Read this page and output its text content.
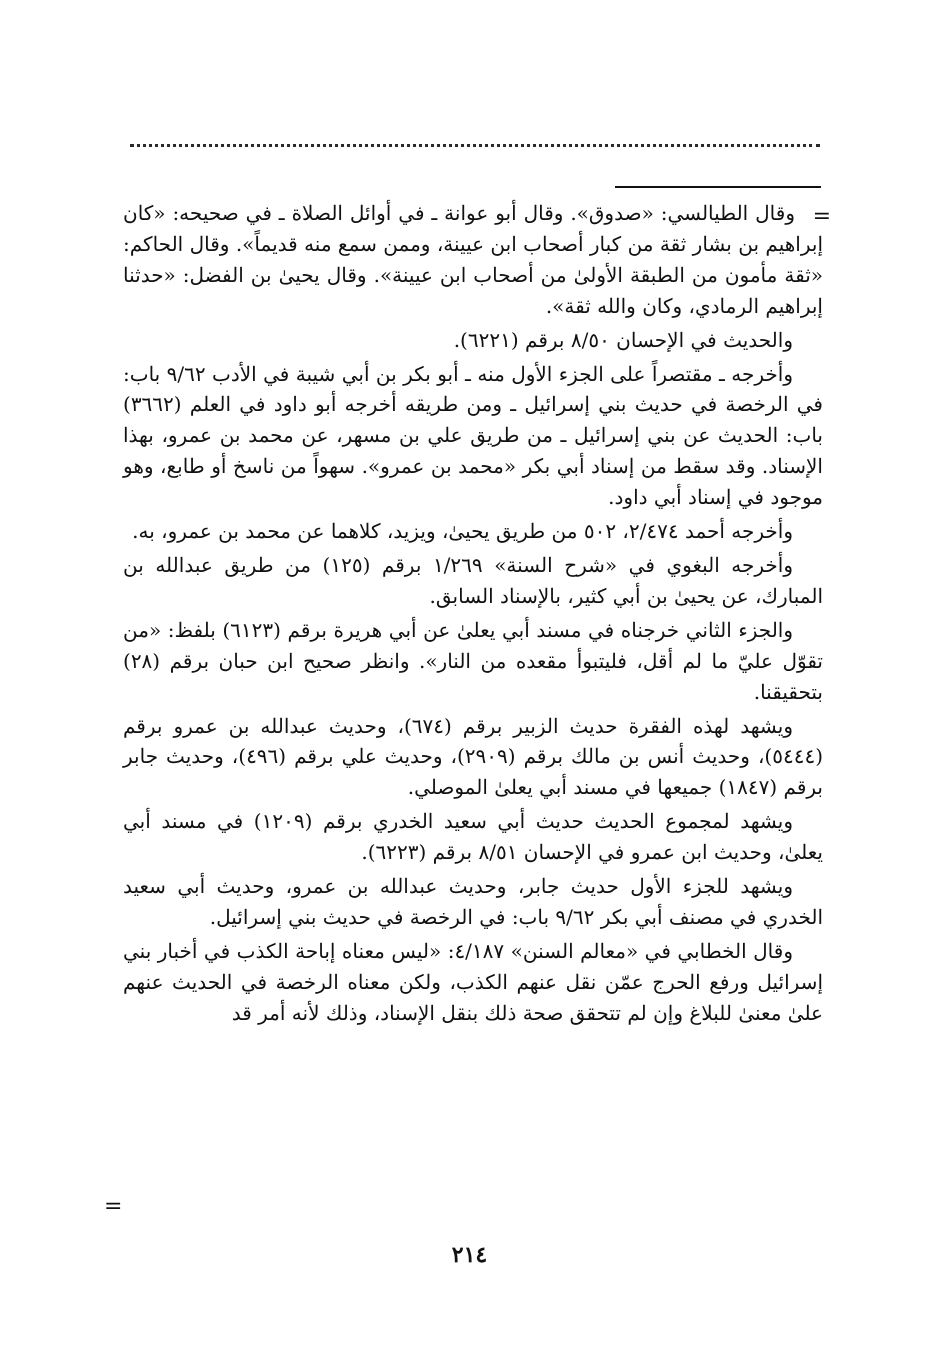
=

وقال الطيالسي: «صدوق». وقال أبو عوانة ـ في أوائل الصلاة ـ في صحيحه: «كان إبراهيم بن بشار ثقة من كبار أصحاب ابن عيينة، وممن سمع منه قديماً». وقال الحاكم: «ثقة مأمون من الطبقة الأولىٰ من أصحاب ابن عيينة». وقال يحيىٰ بن الفضل: «حدثنا إبراهيم الرمادي، وكان والله ثقة».

والحديث في الإحسان ٨/٥٠ برقم (٦٢٢١).

وأخرجه ـ مقتصراً على الجزء الأول منه ـ أبو بكر بن أبي شيبة في الأدب ٩/٦٢ باب: في الرخصة في حديث بني إسرائيل ـ ومن طريقه أخرجه أبو داود في العلم (٣٦٦٢) باب: الحديث عن بني إسرائيل ـ من طريق علي بن مسهر، عن محمد بن عمرو، بهذا الإسناد. وقد سقط من إسناد أبي بكر «محمد بن عمرو». سهواً من ناسخ أو طابع، وهو موجود في إسناد أبي داود.

وأخرجه أحمد ٢/٤٧٤، ٥٠٢ من طريق يحيىٰ، ويزيد، كلاهما عن محمد بن عمرو، به.

وأخرجه البغوي في «شرح السنة» ١/٢٦٩ برقم (١٢٥) من طريق عبدالله بن المبارك، عن يحيىٰ بن أبي كثير، بالإسناد السابق.

والجزء الثاني خرجناه في مسند أبي يعلىٰ عن أبي هريرة برقم (٦١٢٣) بلفظ: «من تقوّل عليّ ما لم أقل، فليتبوأ مقعده من النار». وانظر صحيح ابن حبان برقم (٢٨) بتحقيقنا.

ويشهد لهذه الفقرة حديث الزبير برقم (٦٧٤)، وحديث عبدالله بن عمرو برقم (٥٤٤٤)، وحديث أنس بن مالك برقم (٢٩٠٩)، وحديث علي برقم (٤٩٦)، وحديث جابر برقم (١٨٤٧) جميعها في مسند أبي يعلىٰ الموصلي.

ويشهد لمجموع الحديث حديث أبي سعيد الخدري برقم (١٢٠٩) في مسند أبي يعلىٰ، وحديث ابن عمرو في الإحسان ٨/٥١ برقم (٦٢٢٣).

ويشهد للجزء الأول حديث جابر، وحديث عبدالله بن عمرو، وحديث أبي سعيد الخدري في مصنف أبي بكر ٩/٦٢ باب: في الرخصة في حديث بني إسرائيل.

وقال الخطابي في «معالم السنن» ٤/١٨٧: «ليس معناه إباحة الكذب في أخبار بني إسرائيل ورفع الحرج عمّن نقل عنهم الكذب، ولكن معناه الرخصة في الحديث عنهم علىٰ معنىٰ للبلاغ وإن لم تتحقق صحة ذلك بنقل الإسناد، وذلك لأنه أمر قد

=
٢١٤
